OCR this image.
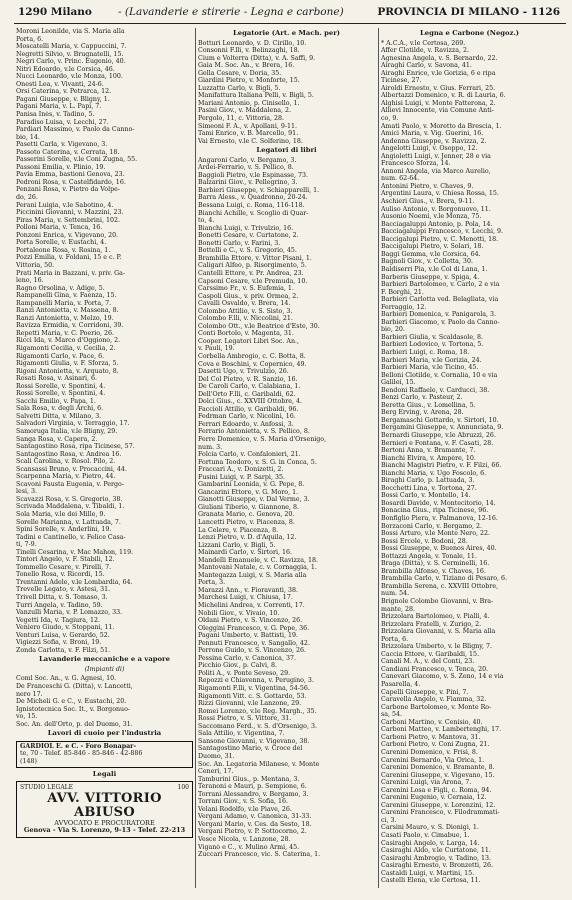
1290 Milano - (Lavanderie e stirerie - Legna e carbone)	PROVINCIA DI MILANO - 1126
Moroni Leonilde, via S. Maria alla
Porta, 6.
Moscatelli Maria, v. Cappuccini, 7.
Negretti Silvio, v. Brugnatelli, 15.
Negri Carlo, v. Princ. Eugenio, 40.
Nitri Edoardo, v.le Corsica, 46.
Nucci Leonardo, v.le Monza, 100.
Onesti Lea, v. Vivanti, 24-6.
Orsi Caterina, v. Petrarca, 12.
Pagani Giuseppe, v. Bligny, 1.
Pagani Maria, v. L. Papi, 7.
Panisa Inès, v. Tadino, 5.
Paradiso Luisa, v. Lecchi, 27.
Pardiari Massimo, v. Paolo da Canno-
bio, 14.
Pasetti Carla, v. Vigevano, 3.
Passoto Caterina, v. Cerrata, 18.
Passerini Sorelle, v.le Coni Zugna, 55.
Passoni Emilia, v. Plinio, 19.
Pavia Emma, bastioni Genova, 23.
Pedroni Rosa, v. Castelfidardo, 16.
Penzani Rosa, v. Pietro da Volpe-
do, 26.
Perani Luigia, v.le Sabotino, 4.
Piccinini Giovanni, v. Mazzini, 23.
Piras Maria, v. Settembrini, 102.
Polloni Maria, v. Tenca, 16.
Ponzoni Enrica, v. Vigevano, 20.
Porta Sorelle, v. Eustachi, 4.
Portaleone Rosa, v. Rosina, 1.
Pozzi Emilia, v. Foldani, 15 e c. P.
Vittoria, 50.
Prati Maria in Bazzani, v. priv. Ga-
leno, 16.
Ragno Orsolina, v. Adige, 5.
Rampanelli Gina, v. Faenza, 15.
Rampanelli Maria, v. Porta, 7.
Ranzi Antonietta, v. Massena, 8.
Ranzi Antonietta, v. Melzo, 19.
Ravizza Ermidia, v. Corridoni, 39.
Repetti Maria, v. C. Poerio, 26.
Ricci Ida, v. Marco d'Oggiono, 2.
Rigamonti Cecilia, v. Cecilia, 2.
Rigamonti Carlo, v. Pace, 6.
Rigamonti Giulia, v. F. Sforza, 5.
Rigoni Antonietta, v. Arquato, 8.
Rosati Rosa, v. Asinari, 6.
Rossi Sorelle, v. Spontini, 4.
Rossi Sorelle, v. Spontini, 4.
Sacchi Emilio, v. Papa, 1.
Sala Rosa, v. degli Archi, 6.
Salvetti Ditta, v. Milano, 3.
Salvadori Virginia, v. Terraggio, 17.
Samoruga Italia, v.le Bligny, 29.
Sanga Rosa, v. Capera, 2.
Santagostino Rosa, ripa Ticinese, 57.
Santagostino Rosa, v. Andrea 16.
Scali Carolina, v. Rosol. Pilo, 2.
Scansassi Bruno, v. Procaccini, 44.
Scarpenna Maria, v. Pietro, 44.
Scavoni Fausta Eugenia, v. Pergo-
lesi, 3.
Scavazzi Rosa, v. S. Gregorio, 38.
Scrivada Maddalena, v. Tibaldi, 1.
Sola Maria, v.le dei Mille, 9.
Sorelle Marianna, v. Lattuada, 7.
Spini Sorelle, v. Anderlini, 19.
Tadini e Cantinello, v. Felice Casa-
ti, 7-9.
Tinelli Cesarina, v. Mac Mahon, 119.
Tintori Angelo, v. F. Stabili, 12.
Tommello Cesare, v. Pirelli, 7.
Tonello Rosa, v. Ricordi, 15.
Trentanni Adele, v.le Lombardia, 64.
Trevelle Legato, v. Astesi, 31.
Trivell Ditta, v. S. Tomaso, 3.
Turri Angela, v. Tadino, 59.
Vanzulli Maria, v. P. Lomazzo, 33.
Vegetti Ida, v. Tagiura, 12.
Veniero Giudo, v. Stoppani, 11.
Venturi Luisa, v. Gerardo, 52.
Vigiezzi Sofia, v. Broni, 19.
Zonda Carlotta, v. F. Filzi, 51.
Lavanderie meccaniche e a vapore
(Impianti di)
Coml Soc. An., v. G. Agnesi, 10.
De Franceschi G. (Ditta), v. Lancetti,
nero 17.
De Micheli G. e C., v. Eustachi, 20.
Ignistotecnica Soc. It., v. Borgonuo-
vo, 15.
Soc. An. dell'Orto, p. del Duomo, 31.
Lavori di cuoio per l'industria
GARDIOL E. e C. - Foro Bonapar-
te, 70 - Telef. 85-846 - 85-846 - 42-886
(148)
Legali
STUDIO LEGALE	100
AVV. VITTORIO ABIUSO
AVVOCATO E PROCURATORE
Genova - Via S. Lorenzo, 9-13 - Telef. 22-213
Legatorie (Art. e Mach. per)
Botturi Leonardo, v. D. Cirillo, 10.
Consonni F.lli, v. Belinzaghi, 18.
Cium e Volterra (Ditta), v. A. Saffi, 9.
Gaia M. Soc. An., v. Brera, 16.
Gella Cesare, v. Doria, 35.
Giardini Pietro, v. Monforte, 15.
Luzzatto Carlo, v. Bigli, 5.
Manifattura Italiana Pelli, v. Bigli, 5.
Mariani Antonio, p. Cinisello, 1.
Pasini Giov., v. Maddalena, 2.
Pergolo, 11, c. Vittoria, 28.
Simeoni F. A., v. Apollani, 9-11.
Tami Enrico, v. B. Marcello, 91.
Vai Ernesto, v.le C. Solferino, 18.
Legatori di libri
Angaroni Carlo, v. Bergamo, 3.
Ardei-Ferrario, v. S. Pellico, 8.
Baggioli Pietro, v.le Espinasse, 73.
Balzarini Giov., v. Pellegrino, 3.
Barbieri Giuseppe, v. Schiapparelli, 1.
Barra Aless., v. Quadronno, 20-24.
Bessana Luigi, c. Roma, 116-118.
Bianchi Achille, v. Scoglio di Quar-
to, 4.
Bianchi Luigi, v. Trivulzio, 16.
Bonetti Cesare, v. Curtatone, 2.
Bonetti Carlo, v. Farini, 3.
Bottelli e C., v. S. Gregorio, 45.
Brambilla Ettore, v. Vittor Pisani, 1.
Caligari Alfeo, p. Risorgimento, 5.
Cantelli Ettore, v. Pr. Andrea, 23.
Capsoni Cesare, v.le Premuda, 10.
Carssimo Fr., v. S. Eufemia, 1.
Caspoli Gius., v. priv. Ormea, 2.
Cavalli Osvaldo, v. Brera, 14.
Colombo Attilio, v. S. Sisto, 3.
Colombo F.lli, v. Niccolini, 21.
Colombo Ott., v.le Beatrice d'Este, 30.
Conti Bortolo, v. Magenta, 31.
Cooper. Legatori Libri Soc. An.,
v. Pauli, 19.
Corbella Ambrogio, c. C. Botta, 8.
Cova e Boschini, v. Copernico, 49.
Dasetti Ugo, v. Trivulzio, 26.
Del Col Pietro, v. R. Sanzio, 16.
De Caroli Carlo, v. Calabiana, 1.
Dell'Orto F.lli, c. Garibaldi, 62.
Dolci Gius., c. XXVIII Ottobre, 4.
Faccioli Attilio, v. Garibaldi, 96.
Fedrman Carlo, v. Nicolini, 16.
Ferrari Edoardo, v. Anfossi, 3.
Ferrario Antonietta, v. S. Pellico, 8.
Ferre Domenico, v. S. Maria d'Orsenigo,
num. 3.
Folcia Carlo, v. Confalonieri, 21.
Fortuna Teodoro, v. S. G. in Conca, 5.
Fraccari A., v. Donizetti, 2.
Fusini Luigi, v. P. Sarpi, 35.
Gambarini Leonida, v. G. Pepe, 8.
Gancarini Ettore, v. G. Moro, 1.
Gianotti Giuseppe, v. Dal Verme, 3.
Giuliani Tiberio, v. Giannone, 8.
Granata Mario, c. Genova, 20.
Lancetti Pietro, v. Piacenza, 8.
La Celere, v. Piacenza, 8.
Lenzi Pietro, v. D. d'Aquila, 12.
Lizzani Carlo, v. Bigli, 5.
Mainardi Carlo, v. Sirtori, 16.
Mandelli Emanuele, v. C. Ravizza, 18.
Mantovani Natale, c. v. Cornaggia, 1.
Mantegazza Luigi, v. S. Maria alla
Porta, 3.
Marazzi Ann., v. Fioravanti, 38.
Marchesi Luigi, v. Chiusa, 17.
Michelini Andrea, v. Correnti, 17.
Nobili Giov., v. Vivaio, 10.
Oldani Pietro, v. S. Vincenzo, 26.
Oleggini Francesco, v. G. Pepe, 36.
Pagani Umberto, v. Battisti, 19.
Pennuti Francesco, v. Sangallo, 42.
Perrone Guido, v. S. Vincenzo, 26.
Pessina Carlo, v. Canonica, 37.
Picchio Giov., p. Calvi, 8.
Politi A., v. Ponte Seveso, 29.
Repozzi e Chiavenna, v. Perugino, 3.
Rigamonti F.lli, v. Vigentina, 54-56.
Rigamonti Vitt. c. S. Gottardo, 53.
Rizzi Giovanni, v.le Lanzone, 29.
Romei Lorenzo, v.le Reg. Margh., 35.
Rossi Pietro, v. S. Vittore, 31.
Saccomano Ferd., v. S. d'Orsenigo, 3.
Sala Attilio, v. Vigentina, 7.
Sansone Giovanni, v. Vigevano, 38.
Santagostino Mario, v. Croce del
Duomo, 31.
Soc. An. Legatoria Milanese, v. Monte
Ceneri, 17.
Tamburini Gius., p. Mentana, 3.
Teranoni e Mauri, p. Sempione, 6.
Torrani Alessandro, v. Bergamo, 3.
Torrani Giov., v. S. Sofia, 16.
Velani Rodolfo, v.le Piave, 26.
Vergani Adamo, v. Canonica, 31-33.
Vergani Mario, v. Ces. da Sesto, 18.
Vergani Pietro, v. P. Sottocorno, 2.
Vesce Nicola, v. Lanzone, 28.
Viganò e C., v. Mulino Armi, 45.
Zuccari Francesco, vic. S. Caterina, 1.
Legna e Carbone (Negoz.)
* A.C.A., v.le Certosa, 269.
Affer Clotilde, v. Ravizza, 2.
Agnesina Angela, v. S. Bernardo, 22.
Airaghi Carlo, v. Savona, 41.
Airaghi Enrico, v.le Gorizia, 6 e ripa
Ticinese, 27.
Airoldi Ernesto, v. Gius. Ferrari, 25.
Albertazzi Domenico, v. R. di Lauria, 6.
Alghisi Luigi, v. Monte Fatterona, 2.
Allievi Innocente, via Comune Anti-
co, 9.
Amati Paolo, v. Moretto da Brescia, 1.
Amici Maria, v. Vig. Guerini, 16.
Andenna Giuseppe, v. Ravizza, 2.
Angelotti Luigi, v. Osoppo, 12.
Angioletti Luigi, v. Jenner, 28 e via
Francesco Sforza, 14.
Annoni Angela, via Marco Aurelio,
num. 62-64.
Antonini Pietro, v. Chaves, 9.
Argentini Laura, v. Chiesa Rossa, 15.
Aschieri Gius., v. Brera, 9-11.
Auliso Antonio, v. Borgonuovo, 11.
Ausonio Noemi, v.le Monza, 75.
Bacciagaluppi Antonio, p. Pola, 14.
Bacciagaluppi Francesco, v. Lecchi, 9.
Baccigalupi Pietro, v. C. Menotti, 18.
Baccigalupi Pietro, v. Solari, 18.
Baggi Gemma, v.le Corsica, 64.
Bagnoli Giov., v. Colletta, 30.
Baldiserri Pia, v.le Col di Lana, 1.
Barberis Giuseppe, v. Spiga, 4.
Barbieri Bartolomeo, v. Carlo, 2 e via
F. Borghi, 21.
Barbieri Carlotta ved. Belagliata, via
Ferraggio, 12.
Barbieri Domenica, v. Panigarola, 3.
Barbieri Giacomo, v. Paolo da Canno-
bio, 20.
Barbieri Giulia, v. Scaldasole, 8.
Barbieri Lodovico, v. Tortona, 5.
Barbieri Luigi, c. Roma, 18.
Barbieri Maria, v.le Gorizia, 24.
Barbieri Maria, v.le Ticino, 45.
Belloni Clotilde, v. Cornalia, 10 e via
Galilei, 15.
Bendoni Raffaele, v. Carducci, 38.
Benzi Carlo, v. Pasteur, 2.
Beretta Gius., v. Lomellina, 5.
Berg Erving, v. Arena, 28.
Bergamaschi Gottardo, v. Sirtori, 10.
Bergamini Giuseppe, v. Annunciata, 9.
Bernardi Giuseppe, v.le Abruzzi, 26.
Bernieri e Fontana, v. F. Casati, 28.
Bertoni Anna, v. Bramante, 7.
Bianchi Elvira, v. Ampère, 10.
Bianchi Magistri Pietro, v. F. Filzi, 66.
Bianchi Maria, v. Ugo Foscolo, 6.
Biraghi Carlo, p. Lattuada, 3.
Bocchetti Lina, v. Tortona, 27.
Bossi Carlo, v. Montello, 14.
Bosardi Davide, v. Montecitorio, 14.
Bonacina Gius., ripa Ticinese, 96.
Bonfiglio Piera, v. Palmanova, 12-16.
Borzaconi Carlo, v. Bergamo, 2.
Bossi Arturo, v.le Monte Nero, 22.
Bossi Ercole, v. Bodoni, 28.
Bossi Giuseppe, v. Buenos Aires, 40.
Bottazzi Angela, v. Tonale, 11.
Braga (Ditta), v. S. Cerminelli, 16.
Brambilla Alfonso, v. Chaves, 16.
Brambilla Carlo, v. Tiziano di Pesaro, 6.
Brambilla Serena, c. XXVIII Ottobre,
num. 54.
Brignole Colombo Giovanni, v. Bra-
mante, 28.
Brizzolara Bartolomeo, v. Pialli, 4.
Brizzolara Fratelli, v. Zurigo, 2.
Brizzolara Giovanni, v. S. Maria alla
Porta, 6.
Brizzolara Umberto, v. le Bligny, 7.
Caccia Ettore, v. Garibaldi, 15.
Canali M. A., v. del Conti, 23.
Candiani Francesco, v. Tenca, 20.
Canevari Giacomo, v. S. Zeno, 14 e via
Pasarella, 4.
Capelli Giuseppe, v. Pini, 7.
Caravella Angelo, v. Fiamma, 32.
Carbone Bartolomeo, v. Monte Ro-
sa, 54.
Carboni Martino, v. Cenisio, 40.
Carboni Matteo, v. Lambertenghi, 17.
Carboni Pietro, v. Mantova, 31.
Carboni Pietro, v. Coni Zugna, 21.
Carenini Domenico, v. Frisi, 8.
Carenini Bernardo, Via Orica, 1.
Carenini Domenico, v. Bramante, 8.
Carenini Giuseppe, v. Vigevano, 15.
Carenini Luigi, via Arona, 7.
Carenini Losa e Figli, c. Roma, 94.
Carenini Eugenio, v. Cernaia, 12.
Carenini Giuseppe, v. Lorenzini, 12.
Carenini Francesco, v. Filodrammati-
ci, 3.
Carsini Mauro, v. S. Dionigi, 1.
Casati Paolo, v. Cimabue, 1.
Casiraghi Angelo, v. Larga, 14.
Casiraghi Aldo, v.le Curtatone, 11.
Casiraghi Ambrogio, v. Tadino, 13.
Casiraghi Ernesto, v. Bronzetti, 26.
Castaldi Luigi, v. Martini, 15.
Castelli Elena, v.le Certosa, 11.
